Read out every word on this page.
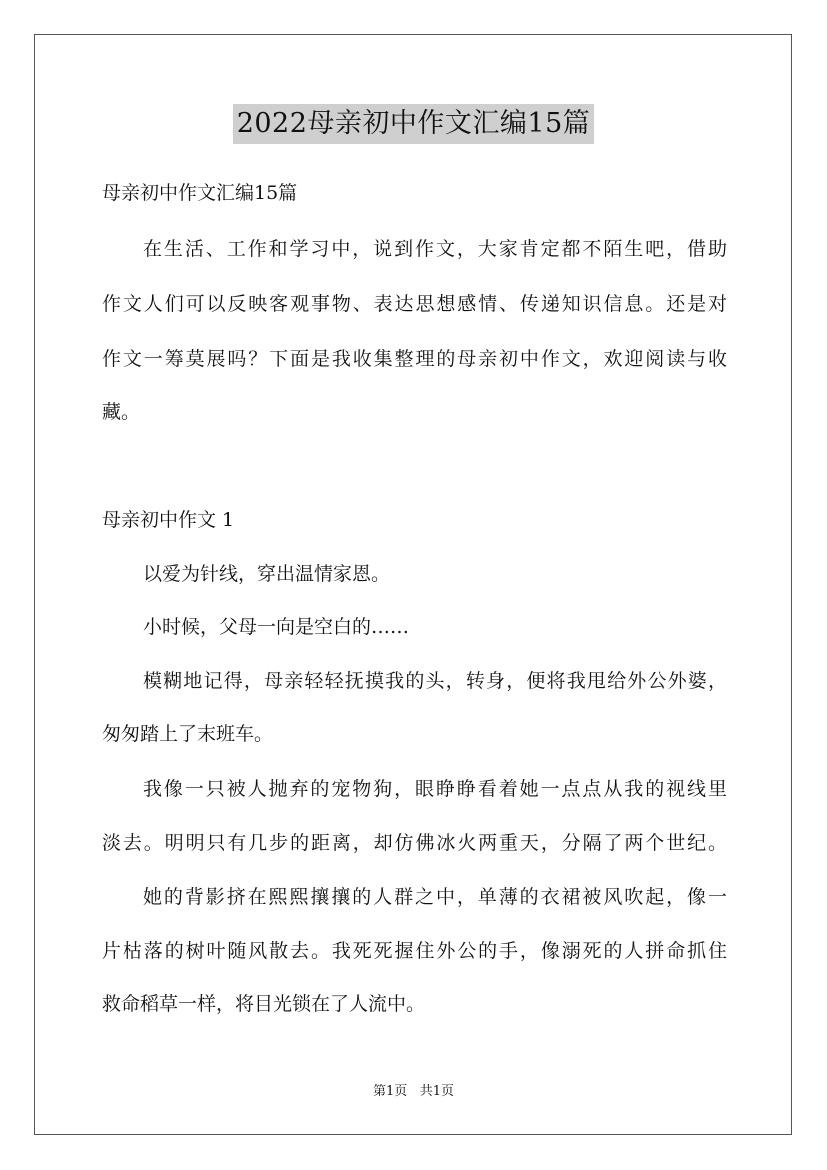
2022母亲初中作文汇编15篇
母亲初中作文汇编15篇
在生活、工作和学习中，说到作文，大家肯定都不陌生吧，借助
作文人们可以反映客观事物、表达思想感情、传递知识信息。还是对
作文一筹莫展吗？下面是我收集整理的母亲初中作文，欢迎阅读与收
藏。
母亲初中作文 1
以爱为针线，穿出温情家恩。
小时候，父母一向是空白的……
模糊地记得，母亲轻轻抚摸我的头，转身，便将我甩给外公外婆，
匆匆踏上了末班车。
我像一只被人抛弃的宠物狗，眼睁睁看着她一点点从我的视线里
淡去。明明只有几步的距离，却仿佛冰火两重天，分隔了两个世纪。
她的背影挤在熙熙攘攘的人群之中，单薄的衣裙被风吹起，像一
片枯落的树叶随风散去。我死死握住外公的手，像溺死的人拼命抓住
救命稻草一样，将目光锁在了人流中。
第1页 共1页
